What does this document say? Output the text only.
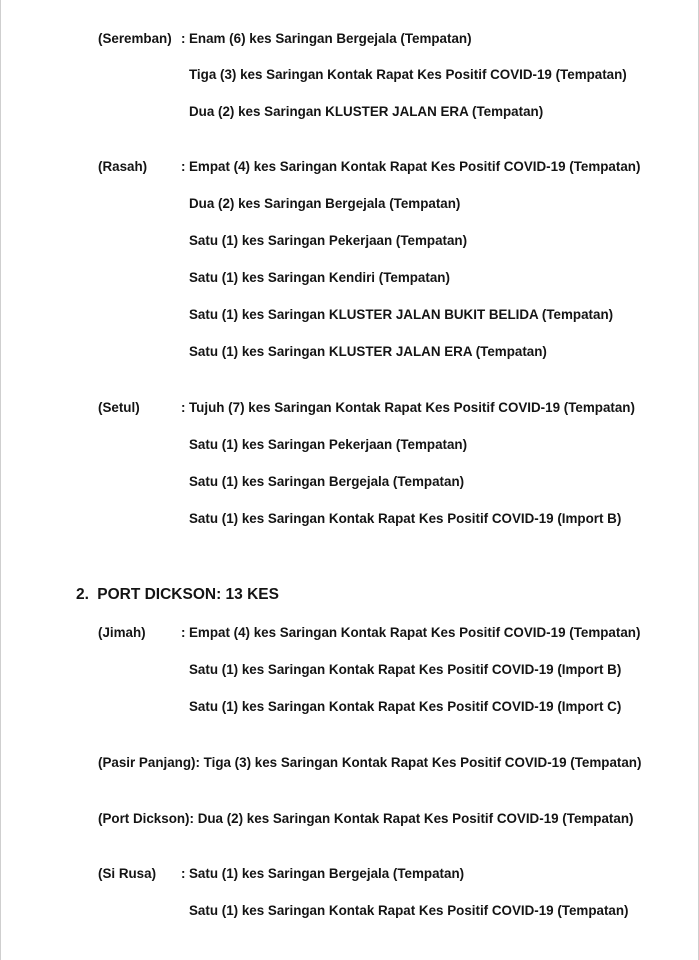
(Seremban) : Enam (6) kes Saringan Bergejala (Tempatan)
Tiga (3) kes Saringan Kontak Rapat Kes Positif COVID-19 (Tempatan)
Dua (2) kes Saringan KLUSTER JALAN ERA (Tempatan)
(Rasah)	: Empat (4) kes Saringan Kontak Rapat Kes Positif COVID-19 (Tempatan)
Dua (2) kes Saringan Bergejala (Tempatan)
Satu (1) kes Saringan Pekerjaan (Tempatan)
Satu (1) kes Saringan Kendiri (Tempatan)
Satu (1) kes Saringan KLUSTER JALAN BUKIT BELIDA (Tempatan)
Satu (1) kes Saringan KLUSTER JALAN ERA (Tempatan)
(Setul)	: Tujuh (7) kes Saringan Kontak Rapat Kes Positif COVID-19 (Tempatan)
Satu (1) kes Saringan Pekerjaan (Tempatan)
Satu (1) kes Saringan Bergejala (Tempatan)
Satu (1) kes Saringan Kontak Rapat Kes Positif COVID-19 (Import B)
2. PORT DICKSON: 13 KES
(Jimah)	: Empat (4) kes Saringan Kontak Rapat Kes Positif COVID-19 (Tempatan)
Satu (1) kes Saringan Kontak Rapat Kes Positif COVID-19 (Import B)
Satu (1) kes Saringan Kontak Rapat Kes Positif COVID-19 (Import C)
(Pasir Panjang): Tiga (3) kes Saringan Kontak Rapat Kes Positif COVID-19 (Tempatan)
(Port Dickson): Dua (2) kes Saringan Kontak Rapat Kes Positif COVID-19 (Tempatan)
(Si Rusa) : Satu (1) kes Saringan Bergejala (Tempatan)
Satu (1) kes Saringan Kontak Rapat Kes Positif COVID-19 (Tempatan)
